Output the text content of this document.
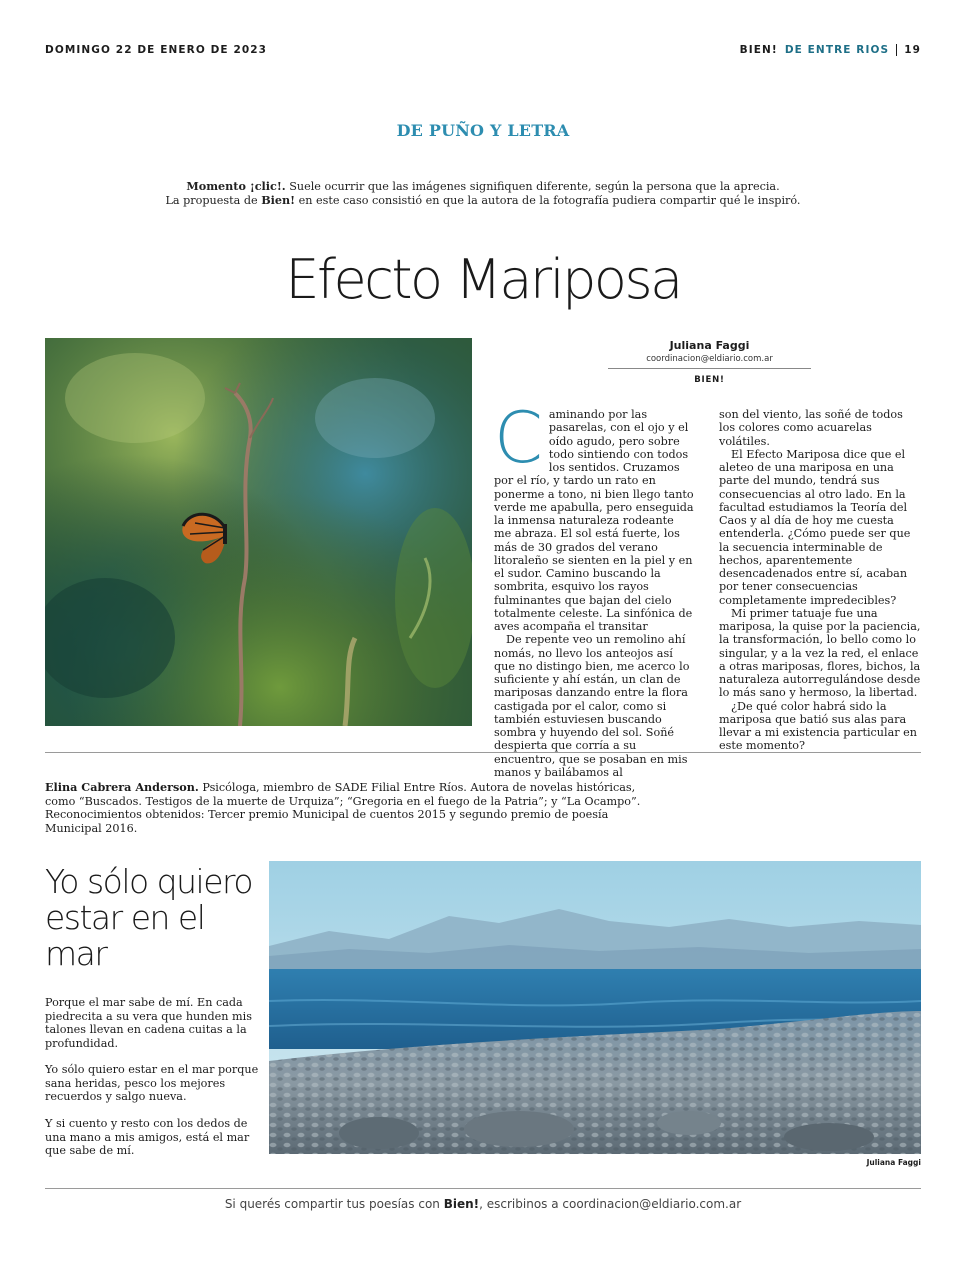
DOMINGO 22 DE ENERO DE 2023	BIEN! DE ENTRE RIOS 19
DE PUÑO Y LETRA
Momento ¡clic!. Suele ocurrir que las imágenes signifiquen diferente, según la persona que la aprecia.
La propuesta de Bien! en este caso consistió en que la autora de la fotografía pudiera compartir qué le inspiró.
Efecto Mariposa
Juliana Faggi
coordinacion@eldiario.com.ar
BIEN!
C aminando por las pasarelas, con el ojo y el oído agudo, pero sobre todo sintiendo con todos los sentidos. Cruzamos por el río, y tardo un rato en ponerme a tono, ni bien llego tanto verde me apabulla, pero enseguida la inmensa naturaleza rodeante me abraza. El sol está fuerte, los más de 30 grados del verano litoraleño se sienten en la piel y en el sudor. Camino buscando la sombrita, esquivo los rayos fulminantes que bajan del cielo totalmente celeste. La sinfónica de aves acompaña el transitar

De repente veo un remolino ahí nomás, no llevo los anteojos así que no distingo bien, me acerco lo suficiente y ahí están, un clan de mariposas danzando entre la flora castigada por el calor, como si también estuviesen buscando sombra y huyendo del sol. Soñé despierta que corría a su encuentro, que se posaban en mis manos y bailábamos al

son del viento, las soñé de todos los colores como acuarelas volátiles.

El Efecto Mariposa dice que el aleteo de una mariposa en una parte del mundo, tendrá sus consecuencias al otro lado. En la facultad estudiamos la Teoría del Caos y al día de hoy me cuesta entenderla. ¿Cómo puede ser que la secuencia interminable de hechos, aparentemente desencadenados entre sí, acaban por tener consecuencias completamente impredecibles?

Mi primer tatuaje fue una mariposa, la quise por la paciencia, la transformación, lo bello como lo singular, y a la vez la red, el enlace a otras mariposas, flores, bichos, la naturaleza autorregulándose desde lo más sano y hermoso, la libertad.

¿De qué color habrá sido la mariposa que batió sus alas para llevar a mi existencia particular en este momento?

Elina Cabrera Anderson. Psicóloga, miembro de SADE Filial Entre Ríos. Autora de novelas históricas, como “Buscados. Testigos de la muerte de Urquiza”; “Gregoria en el fuego de la Patria”; y “La Ocampo”. Reconocimientos obtenidos: Tercer premio Municipal de cuentos 2015 y segundo premio de poesía Municipal 2016.
Yo sólo quiero estar en el mar
Porque el mar sabe de mí. En cada piedrecita a su vera que hunden mis talones llevan en cadena cuitas a la profundidad.
Yo sólo quiero estar en el mar porque sana heridas, pesco los mejores recuerdos y salgo nueva.
Y si cuento y resto con los dedos de una mano a mis amigos, está el mar que sabe de mí.
Juliana Faggi
Si querés compartir tus poesías con Bien!, escribinos a coordinacion@eldiario.com.ar
